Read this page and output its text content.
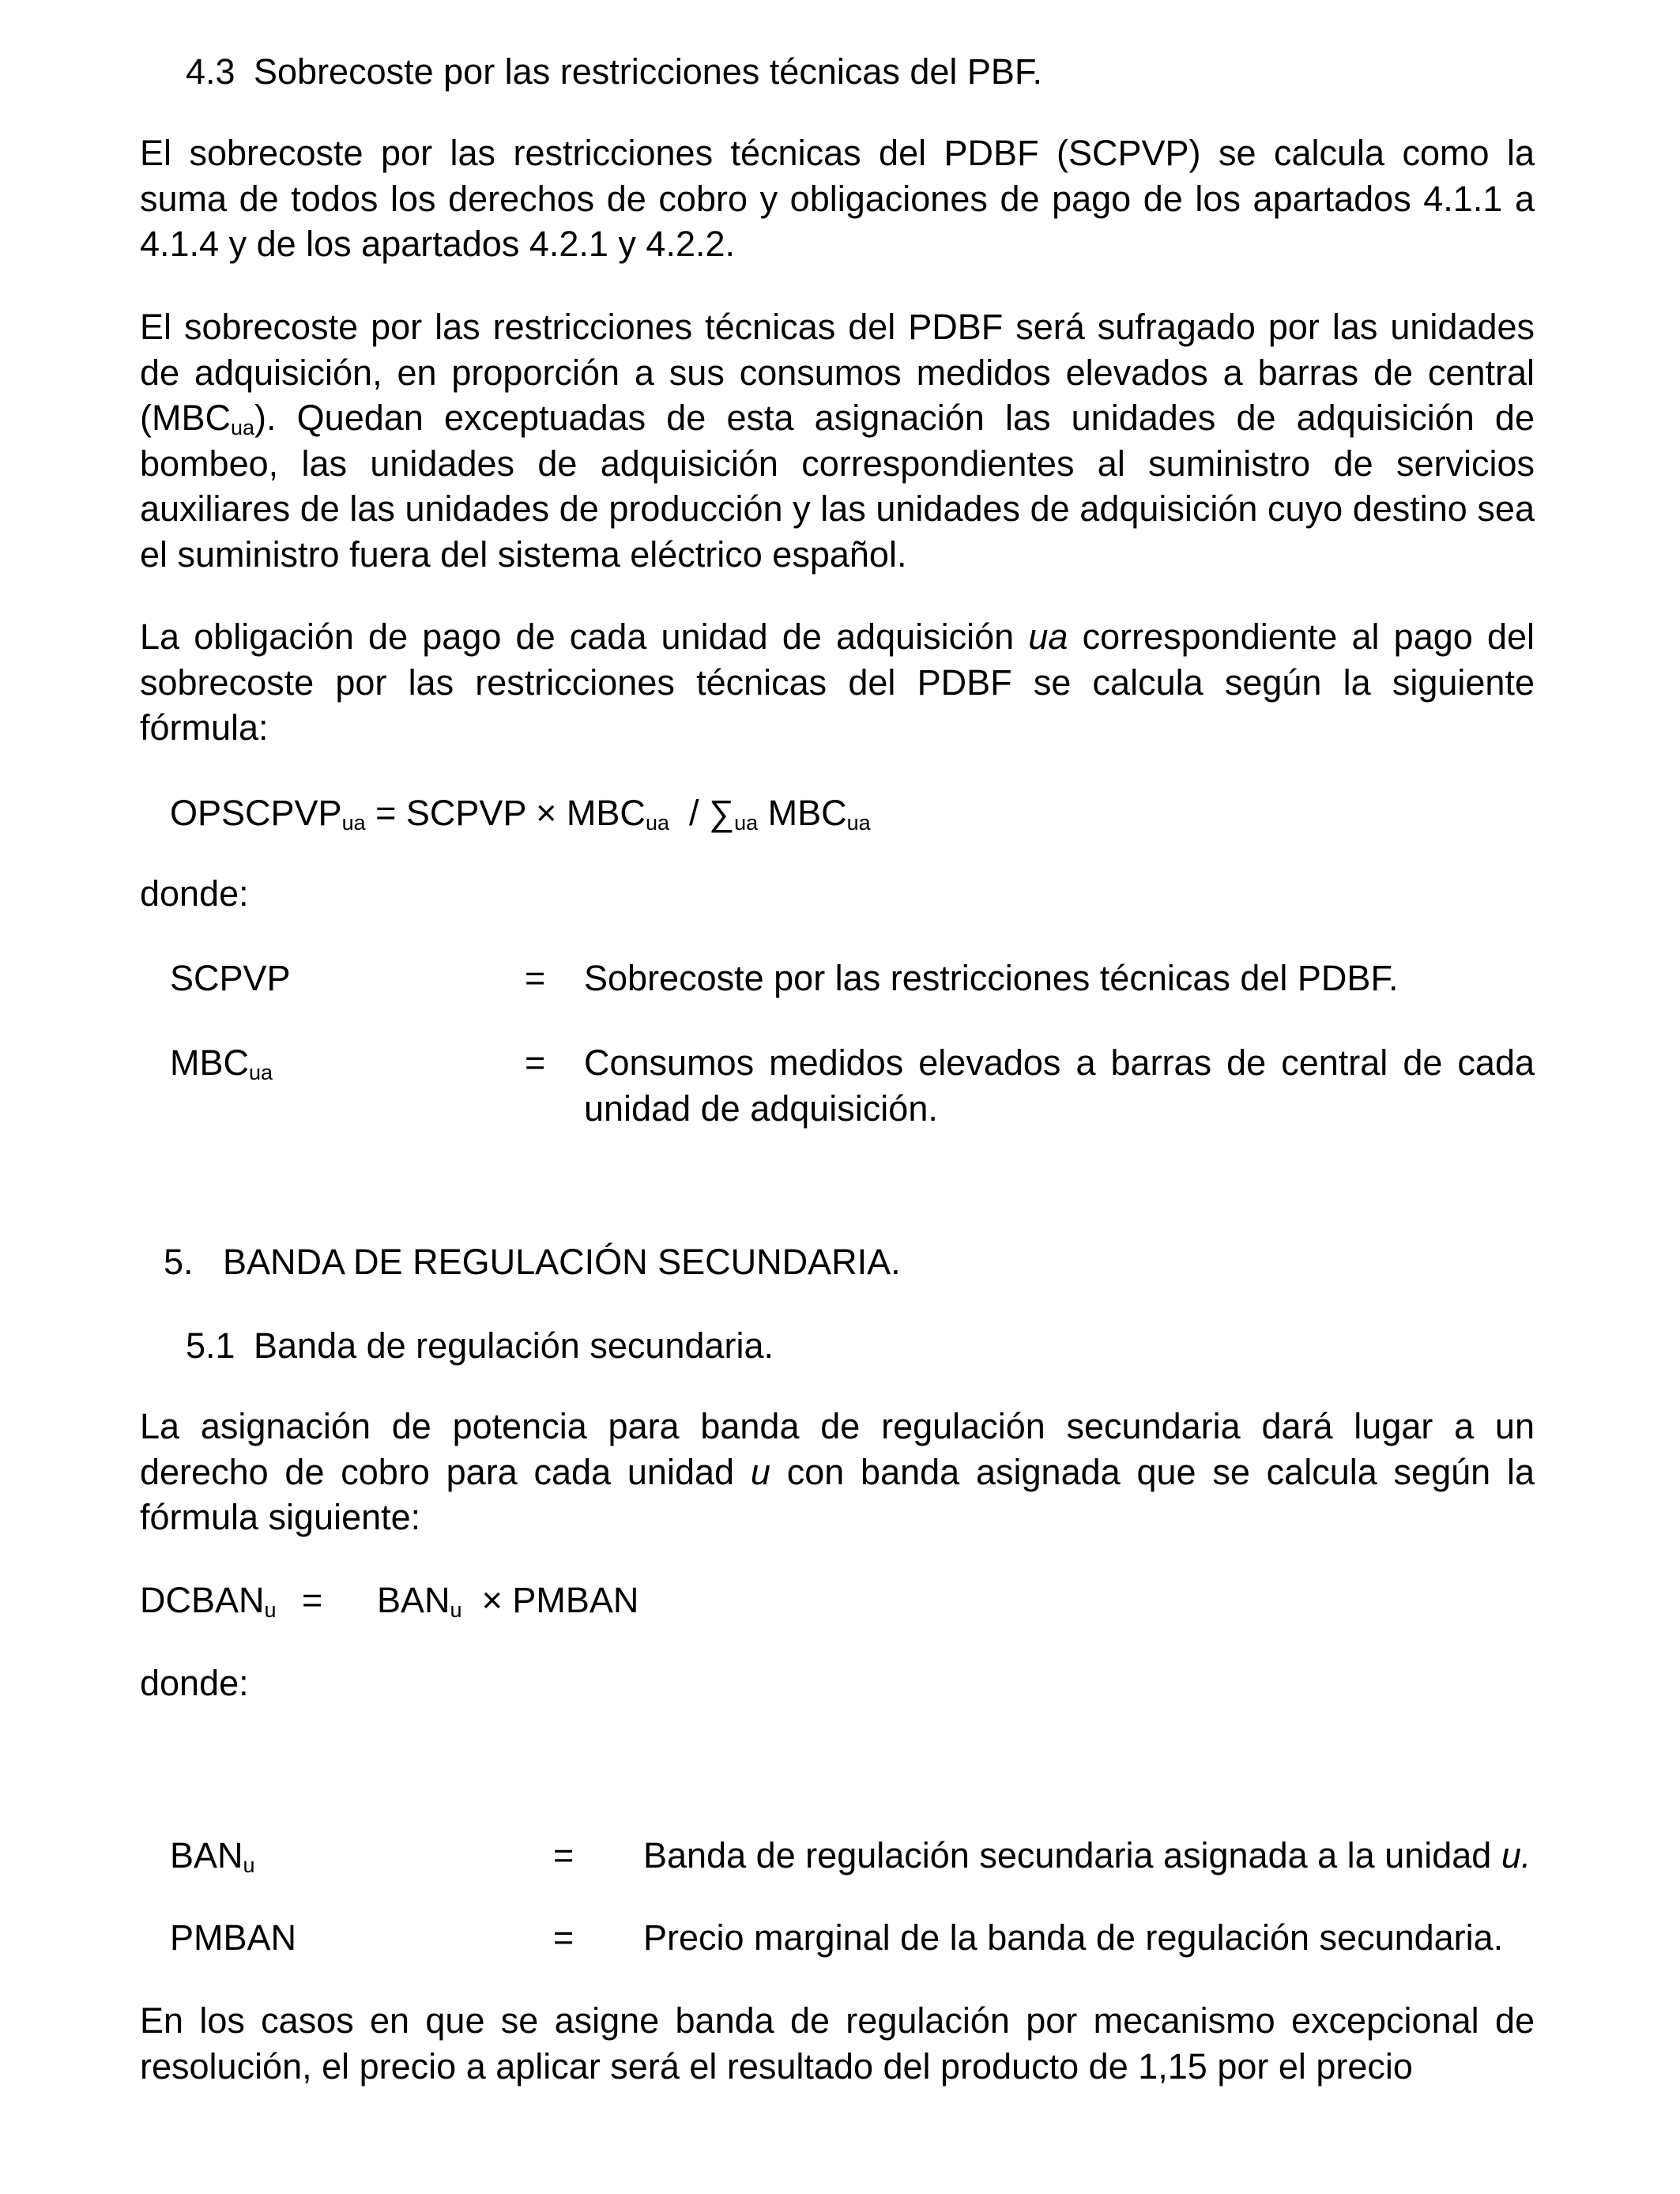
4.3 Sobrecoste por las restricciones técnicas del PBF.

El sobrecoste por las restricciones técnicas del PDBF (SCPVP) se calcula como la suma de todos los derechos de cobro y obligaciones de pago de los apartados 4.1.1 a 4.1.4 y de los apartados 4.2.1 y 4.2.2.

El sobrecoste por las restricciones técnicas del PDBF será sufragado por las unidades de adquisición, en proporción a sus consumos medidos elevados a barras de central $(MBC_{ua})$. Quedan exceptuadas de esta asignación las unidades de adquisición de bombeo, las unidades de adquisición correspondientes al suministro de servicios auxiliares de las unidades de producción y las unidades de adquisición cuyo destino sea el suministro fuera del sistema eléctrico español.

La obligación de pago de cada unidad de adquisición ua correspondiente al pago del sobrecoste por las restricciones técnicas del PDBF se calcula según la siguiente fórmula:

$OPSCPVP_{ua}$ = SCPVP × $MBC_{ua} / \sum_{ua}$ $MBC_{ua}$

donde:

SCPVP	= Sobrecoste por las restricciones técnicas del PDBF.

$MBC_{ua}$	= Consumos medidos elevados a barras de central de cada unidad de adquisición.

5. BANDA DE REGULACIÓN SECUNDARIA.

5.1 Banda de regulación secundaria.

La asignación de potencia para banda de regulación secundaria dará lugar a un derecho de cobro para cada unidad u con banda asignada que se calcula según la fórmula siguiente:

$DCBAN_u = BAN_u$ × PMBAN

donde:

$BAN_u$	= Banda de regulación secundaria asignada a la unidad u.

PMBAN	= Precio marginal de la banda de regulación secundaria.

En los casos en que se asigne banda de regulación por mecanismo excepcional de resolución, el precio a aplicar será el resultado del producto de 1,15 por el precio
